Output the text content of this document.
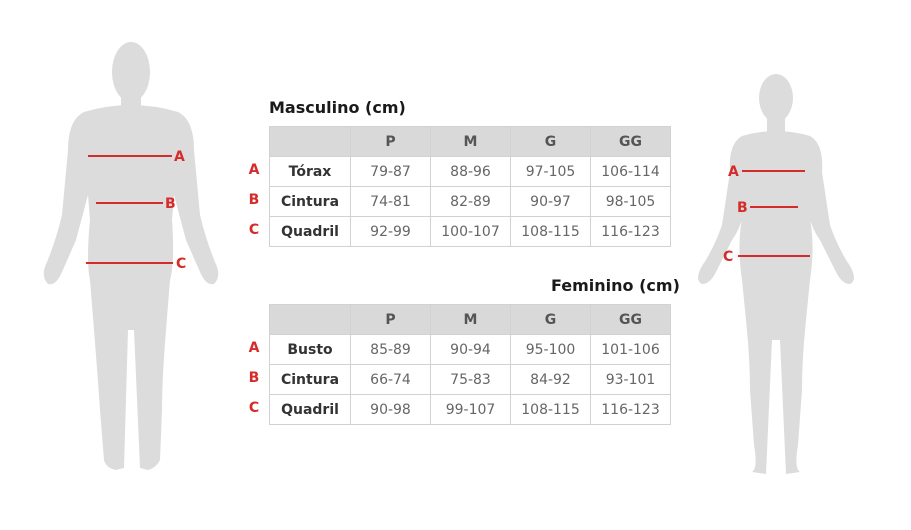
A
B
C
Masculino (cm)
A
B
C
	P	M	G	GG
Tórax	79-87	88-96	97-105	106-114
Cintura	74-81	82-89	90-97	98-105
Quadril	92-99	100-107	108-115	116-123
Feminino (cm)
A
B
C
	P	M	G	GG
Busto	85-89	90-94	95-100	101-106
Cintura	66-74	75-83	84-92	93-101
Quadril	90-98	99-107	108-115	116-123
A
B
C
